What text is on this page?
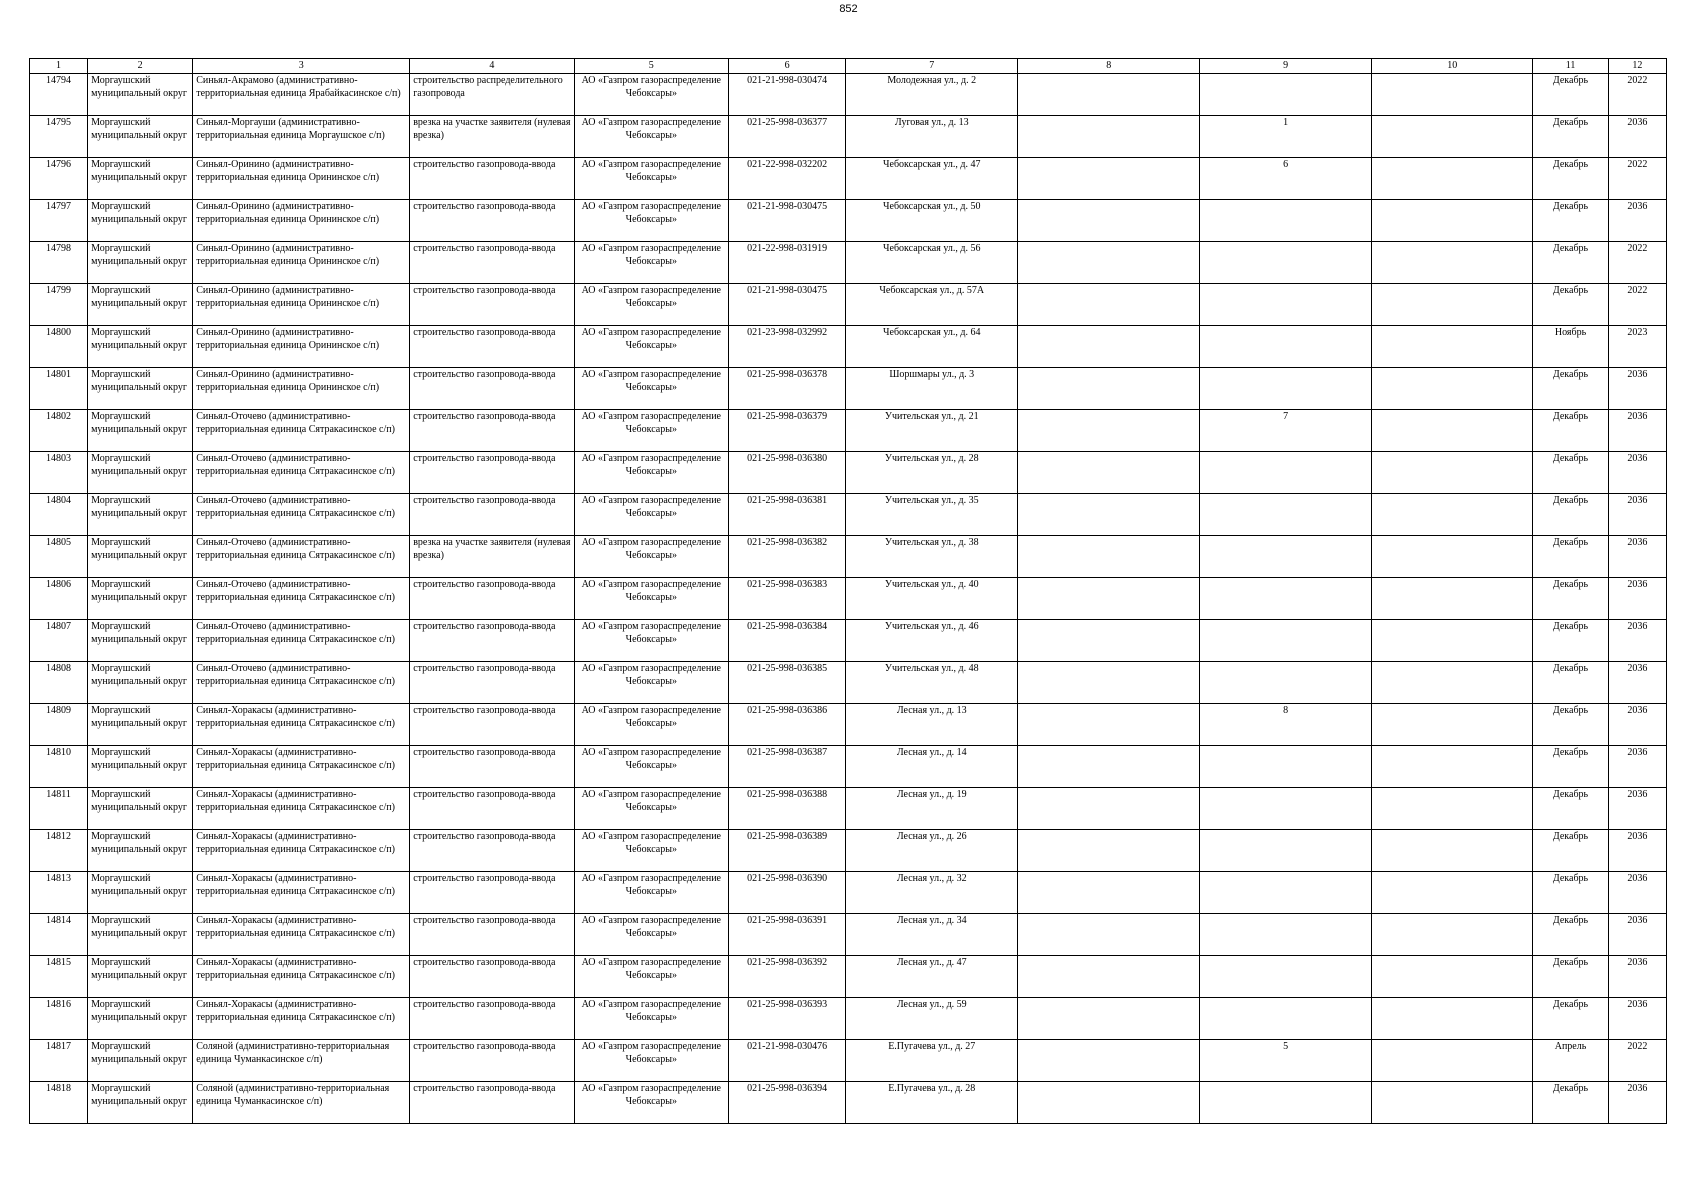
852
1	2	3	4	5	6	7	8	9	10	11	12

14794	Моргаушский муниципальный округ	Синьял-Акрамово (административно-территориальная единица Ярабайкасинское с/п)	строительство распределительного газопровода	АО «Газпром газораспределение Чебоксары»	021-21-998-030474	Молодежная ул., д. 2				Декабрь	2022

14795	Моргаушский муниципальный округ	Синьял-Моргауши (административно-территориальная единица Моргаушское с/п)	врезка на участке заявителя (нулевая врезка)	АО «Газпром газораспределение Чебоксары»	021-25-998-036377	Луговая ул., д. 13		1		Декабрь	2036

14796	Моргаушский муниципальный округ	Синьял-Оринино (административно-территориальная единица Орининское с/п)	строительство газопровода-ввода	АО «Газпром газораспределение Чебоксары»	021-22-998-032202	Чебоксарская ул., д. 47		6		Декабрь	2022

14797	Моргаушский муниципальный округ	Синьял-Оринино (административно-территориальная единица Орининское с/п)	строительство газопровода-ввода	АО «Газпром газораспределение Чебоксары»	021-21-998-030475	Чебоксарская ул., д. 50				Декабрь	2036

14798	Моргаушский муниципальный округ	Синьял-Оринино (административно-территориальная единица Орининское с/п)	строительство газопровода-ввода	АО «Газпром газораспределение Чебоксары»	021-22-998-031919	Чебоксарская ул., д. 56				Декабрь	2022

14799	Моргаушский муниципальный округ	Синьял-Оринино (административно-территориальная единица Орининское с/п)	строительство газопровода-ввода	АО «Газпром газораспределение Чебоксары»	021-21-998-030475	Чебоксарская ул., д. 57А				Декабрь	2022

14800	Моргаушский муниципальный округ	Синьял-Оринино (административно-территориальная единица Орининское с/п)	строительство газопровода-ввода	АО «Газпром газораспределение Чебоксары»	021-23-998-032992	Чебоксарская ул., д. 64				Ноябрь	2023

14801	Моргаушский муниципальный округ	Синьял-Оринино (административно-территориальная единица Орининское с/п)	строительство газопровода-ввода	АО «Газпром газораспределение Чебоксары»	021-25-998-036378	Шоршмары ул., д. 3				Декабрь	2036

14802	Моргаушский муниципальный округ	Синьял-Оточево (административно-территориальная единица Сятракасинское с/п)	строительство газопровода-ввода	АО «Газпром газораспределение Чебоксары»	021-25-998-036379	Учительская ул., д. 21		7		Декабрь	2036

14803	Моргаушский муниципальный округ	Синьял-Оточево (административно-территориальная единица Сятракасинское с/п)	строительство газопровода-ввода	АО «Газпром газораспределение Чебоксары»	021-25-998-036380	Учительская ул., д. 28				Декабрь	2036

14804	Моргаушский муниципальный округ	Синьял-Оточево (административно-территориальная единица Сятракасинское с/п)	строительство газопровода-ввода	АО «Газпром газораспределение Чебоксары»	021-25-998-036381	Учительская ул., д. 35				Декабрь	2036

14805	Моргаушский муниципальный округ	Синьял-Оточево (административно-территориальная единица Сятракасинское с/п)	врезка на участке заявителя (нулевая врезка)	АО «Газпром газораспределение Чебоксары»	021-25-998-036382	Учительская ул., д. 38				Декабрь	2036

14806	Моргаушский муниципальный округ	Синьял-Оточево (административно-территориальная единица Сятракасинское с/п)	строительство газопровода-ввода	АО «Газпром газораспределение Чебоксары»	021-25-998-036383	Учительская ул., д. 40				Декабрь	2036

14807	Моргаушский муниципальный округ	Синьял-Оточево (административно-территориальная единица Сятракасинское с/п)	строительство газопровода-ввода	АО «Газпром газораспределение Чебоксары»	021-25-998-036384	Учительская ул., д. 46				Декабрь	2036

14808	Моргаушский муниципальный округ	Синьял-Оточево (административно-территориальная единица Сятракасинское с/п)	строительство газопровода-ввода	АО «Газпром газораспределение Чебоксары»	021-25-998-036385	Учительская ул., д. 48				Декабрь	2036

14809	Моргаушский муниципальный округ	Синьял-Хоракасы (административно-территориальная единица Сятракасинское с/п)	строительство газопровода-ввода	АО «Газпром газораспределение Чебоксары»	021-25-998-036386	Лесная ул., д. 13		8		Декабрь	2036

14810	Моргаушский муниципальный округ	Синьял-Хоракасы (административно-территориальная единица Сятракасинское с/п)	строительство газопровода-ввода	АО «Газпром газораспределение Чебоксары»	021-25-998-036387	Лесная ул., д. 14				Декабрь	2036

14811	Моргаушский муниципальный округ	Синьял-Хоракасы (административно-территориальная единица Сятракасинское с/п)	строительство газопровода-ввода	АО «Газпром газораспределение Чебоксары»	021-25-998-036388	Лесная ул., д. 19				Декабрь	2036

14812	Моргаушский муниципальный округ	Синьял-Хоракасы (административно-территориальная единица Сятракасинское с/п)	строительство газопровода-ввода	АО «Газпром газораспределение Чебоксары»	021-25-998-036389	Лесная ул., д. 26				Декабрь	2036

14813	Моргаушский муниципальный округ	Синьял-Хоракасы (административно-территориальная единица Сятракасинское с/п)	строительство газопровода-ввода	АО «Газпром газораспределение Чебоксары»	021-25-998-036390	Лесная ул., д. 32				Декабрь	2036

14814	Моргаушский муниципальный округ	Синьял-Хоракасы (административно-территориальная единица Сятракасинское с/п)	строительство газопровода-ввода	АО «Газпром газораспределение Чебоксары»	021-25-998-036391	Лесная ул., д. 34				Декабрь	2036

14815	Моргаушский муниципальный округ	Синьял-Хоракасы (административно-территориальная единица Сятракасинское с/п)	строительство газопровода-ввода	АО «Газпром газораспределение Чебоксары»	021-25-998-036392	Лесная ул., д. 47				Декабрь	2036

14816	Моргаушский муниципальный округ	Синьял-Хоракасы (административно-территориальная единица Сятракасинское с/п)	строительство газопровода-ввода	АО «Газпром газораспределение Чебоксары»	021-25-998-036393	Лесная ул., д. 59				Декабрь	2036

14817	Моргаушский муниципальный округ	Соляной (административно-территориальная единица Чуманкасинское с/п)	строительство газопровода-ввода	АО «Газпром газораспределение Чебоксары»	021-21-998-030476	Е.Пугачева ул., д. 27		5		Апрель	2022

14818	Моргаушский муниципальный округ	Соляной (административно-территориальная единица Чуманкасинское с/п)	строительство газопровода-ввода	АО «Газпром газораспределение Чебоксары»	021-25-998-036394	Е.Пугачева ул., д. 28				Декабрь	2036
